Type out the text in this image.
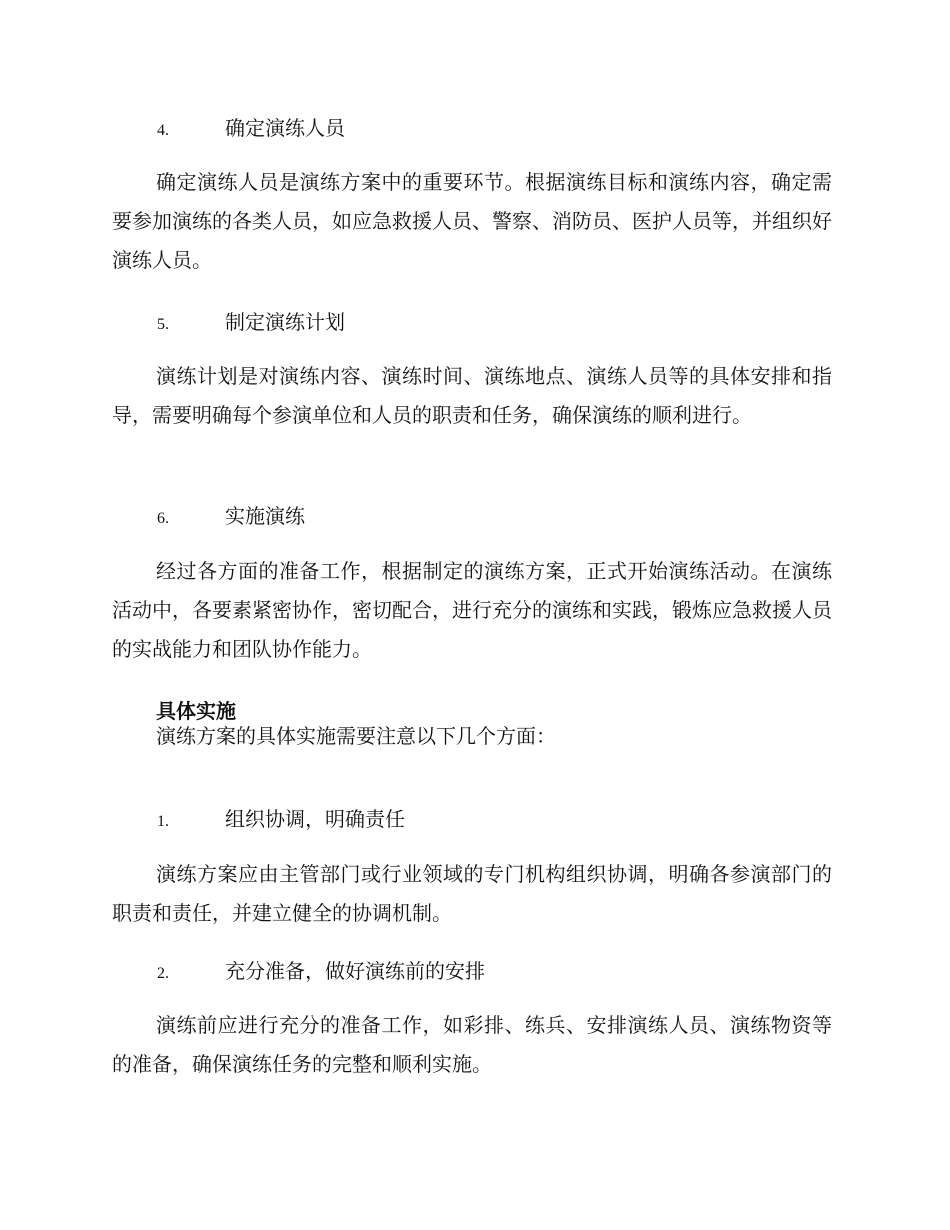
4.	确定演练人员

确定演练人员是演练方案中的重要环节。根据演练目标和演练内容，确定需要参加演练的各类人员，如应急救援人员、警察、消防员、医护人员等，并组织好演练人员。

5.	制定演练计划

演练计划是对演练内容、演练时间、演练地点、演练人员等的具体安排和指导，需要明确每个参演单位和人员的职责和任务，确保演练的顺利进行。

6.	实施演练

经过各方面的准备工作，根据制定的演练方案，正式开始演练活动。在演练活动中，各要素紧密协作，密切配合，进行充分的演练和实践，锻炼应急救援人员的实战能力和团队协作能力。

具体实施

演练方案的具体实施需要注意以下几个方面：

1.	组织协调，明确责任

演练方案应由主管部门或行业领域的专门机构组织协调，明确各参演部门的职责和责任，并建立健全的协调机制。

2.	充分准备，做好演练前的安排

演练前应进行充分的准备工作，如彩排、练兵、安排演练人员、演练物资等的准备，确保演练任务的完整和顺利实施。
